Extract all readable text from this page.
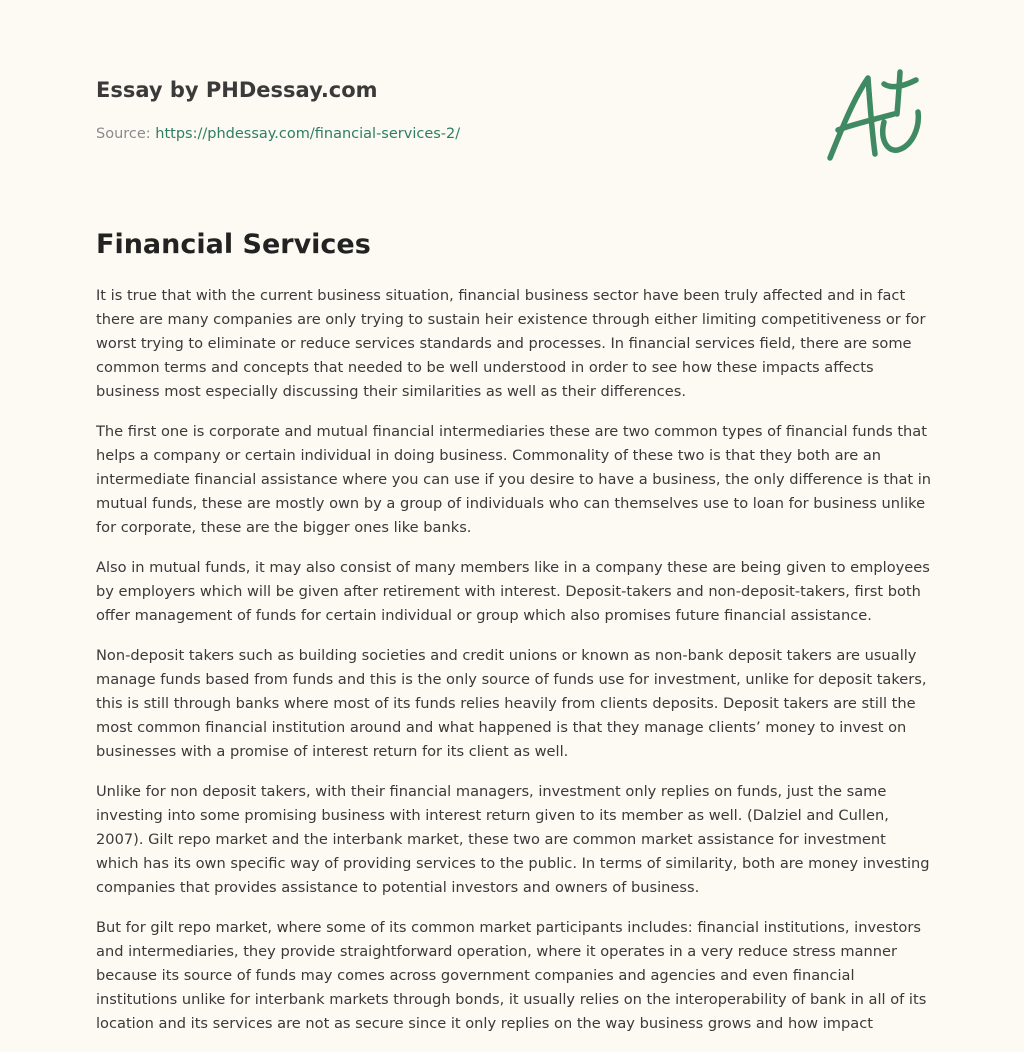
Essay by PHDessay.com
Source: https://phdessay.com/financial-services-2/
Financial Services

It is true that with the current business situation, financial business sector have been truly affected and in fact there are many companies are only trying to sustain heir existence through either limiting competitiveness or for worst trying to eliminate or reduce services standards and processes. In financial services field, there are some common terms and concepts that needed to be well understood in order to see how these impacts affects business most especially discussing their similarities as well as their differences.

The first one is corporate and mutual financial intermediaries these are two common types of financial funds that helps a company or certain individual in doing business. Commonality of these two is that they both are an intermediate financial assistance where you can use if you desire to have a business, the only difference is that in mutual funds, these are mostly own by a group of individuals who can themselves use to loan for business unlike for corporate, these are the bigger ones like banks.

Also in mutual funds, it may also consist of many members like in a company these are being given to employees by employers which will be given after retirement with interest. Deposit-takers and non-deposit-takers, first both offer management of funds for certain individual or group which also promises future financial assistance.

Non-deposit takers such as building societies and credit unions or known as non-bank deposit takers are usually manage funds based from funds and this is the only source of funds use for investment, unlike for deposit takers, this is still through banks where most of its funds relies heavily from clients deposits. Deposit takers are still the most common financial institution around and what happened is that they manage clients’ money to invest on businesses with a promise of interest return for its client as well.

Unlike for non deposit takers, with their financial managers, investment only replies on funds, just the same investing into some promising business with interest return given to its member as well. (Dalziel and Cullen, 2007). Gilt repo market and the interbank market, these two are common market assistance for investment which has its own specific way of providing services to the public. In terms of similarity, both are money investing companies that provides assistance to potential investors and owners of business.

But for gilt repo market, where some of its common market participants includes: financial institutions, investors and intermediaries, they provide straightforward operation, where it operates in a very reduce stress manner because its source of funds may comes across government companies and agencies and even financial institutions unlike for interbank markets through bonds, it usually relies on the interoperability of bank in all of its location and its services are not as secure since it only replies on the way business grows and how impact
